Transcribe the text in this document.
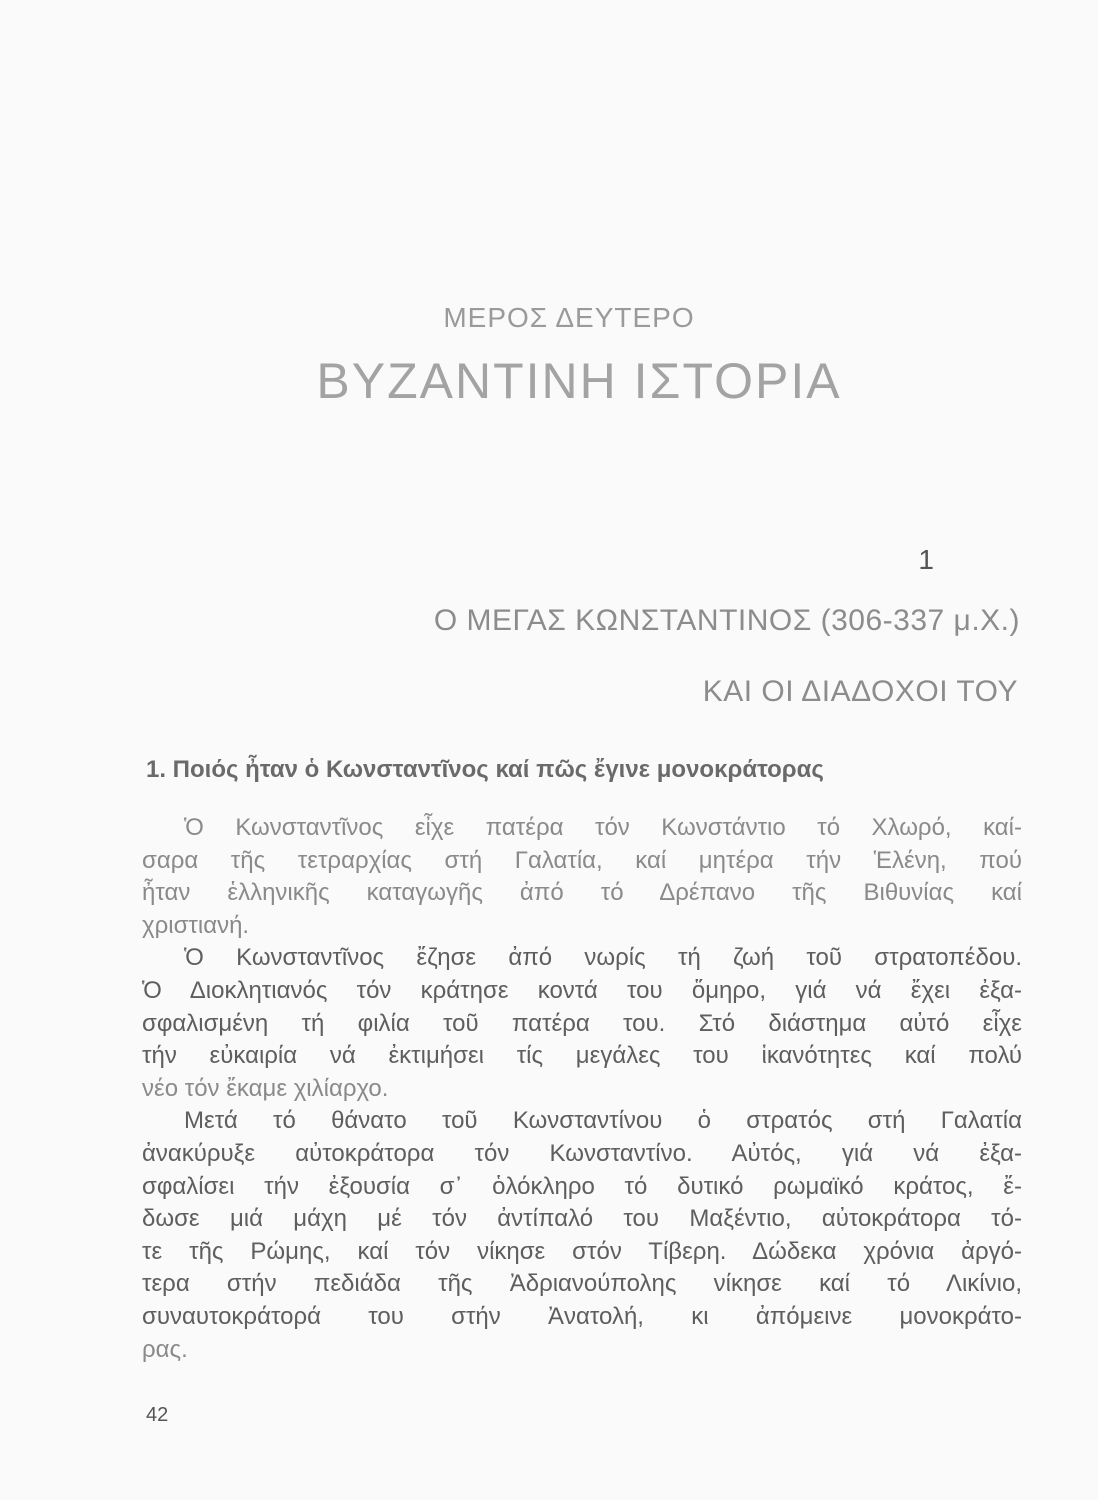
ΜΕΡΟΣ ΔΕΥΤΕΡΟ
ΒΥΖΑΝΤΙΝΗ ΙΣΤΟΡΙΑ
1
Ο ΜΕΓΑΣ ΚΩΝΣΤΑΝΤΙΝΟΣ (306-337 μ.Χ.)
ΚΑΙ ΟΙ ΔΙΑΔΟΧΟΙ ΤΟΥ
1. Ποιός ἦταν ὁ Κωνσταντῖνος καί πῶς ἔγινε μονοκράτορας
Ὁ Κωνσταντῖνος εἶχε πατέρα τόν Κωνστάντιο τό Χλωρό, καί-
σαρα τῆς τετραρχίας στή Γαλατία, καί μητέρα τήν Ἑλένη, πού
ἦταν ἑλληνικῆς καταγωγῆς ἀπό τό Δρέπανο τῆς Βιθυνίας καί
χριστιανή.
Ὁ Κωνσταντῖνος ἔζησε ἀπό νωρίς τή ζωή τοῦ στρατοπέδου.
Ὁ Διοκλητιανός τόν κράτησε κοντά του ὅμηρο, γιά νά ἔχει ἐξα-
σφαλισμένη τή φιλία τοῦ πατέρα του. Στό διάστημα αὐτό εἶχε
τήν εὐκαιρία νά ἐκτιμήσει τίς μεγάλες του ἱκανότητες καί πολύ
νέο τόν ἔκαμε χιλίαρχο.
Μετά τό θάνατο τοῦ Κωνσταντίνου ὁ στρατός στή Γαλατία
ἀνακύρυξε αὐτοκράτορα τόν Κωνσταντίνο. Αὐτός, γιά νά ἐξα-
σφαλίσει τήν ἐξουσία σ᾿ ὁλόκληρο τό δυτικό ρωμαϊκό κράτος, ἔ-
δωσε μιά μάχη μέ τόν ἀντίπαλό του Μαξέντιο, αὐτοκράτορα τό-
τε τῆς Ρώμης, καί τόν νίκησε στόν Τίβερη. Δώδεκα χρόνια ἀργό-
τερα στήν πεδιάδα τῆς Ἀδριανούπολης νίκησε καί τό Λικίνιο,
συναυτοκράτορά του στήν Ἀνατολή, κι ἀπόμεινε μονοκράτο-
ρας.
42
